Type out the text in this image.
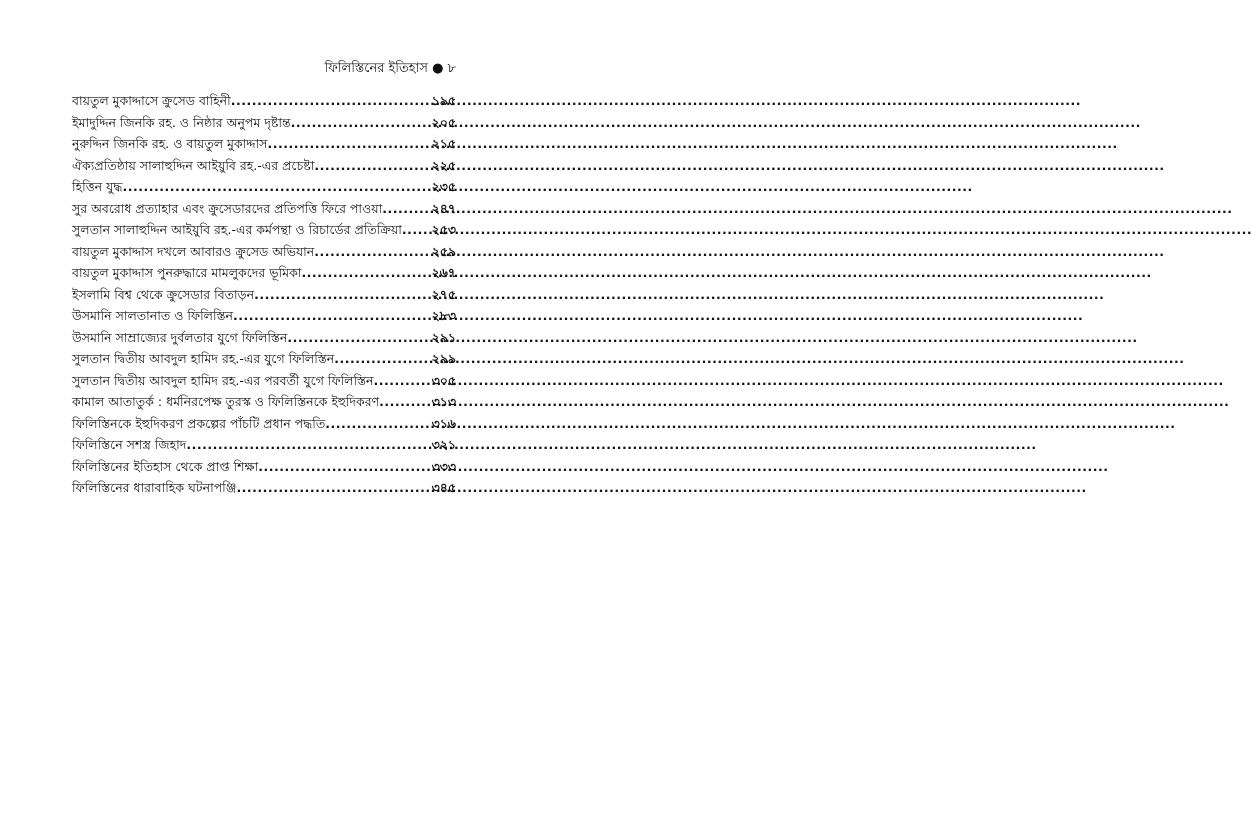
ফিলিস্তিনের ইতিহাস ● ৮
বায়তুল মুকাদ্দাসে ক্রুসেড বাহিনী .....	১৯৫
ইমাদুদ্দিন জিনকি রহ. ও নিষ্ঠার অনুপম দৃষ্টান্ত .....	২০৫
নুরুদ্দিন জিনকি রহ. ও বায়তুল মুকাদ্দাস .....	২১৫
ঐক্যপ্রতিষ্ঠায় সালাহুদ্দিন আইয়ুবি রহ.-এর প্রচেষ্টা .....	২২৫
হিত্তিন যুদ্ধ .....	২৩৫
সুর অবরোধ প্রত্যাহার এবং ক্রুসেডারদের প্রতিপত্তি ফিরে পাওয়া .....	২৪৭
সুলতান সালাহুদ্দিন আইয়ুবি রহ.-এর কর্মপন্থা ও রিচার্ডের প্রতিক্রিয়া ..... ২৫৩
বায়তুল মুকাদ্দাস দখলে আবারও ক্রুসেড অভিযান .....	২৫৯
বায়তুল মুকাদ্দাস পুনরুদ্ধারে মামলুকদের ভূমিকা .....	২৬৭
ইসলামি বিশ্ব থেকে ক্রুসেডার বিতাড়ন .....	২৭৫
উসমানি সালতানাত ও ফিলিস্তিন .....	২৮৩
উসমানি সাম্রাজ্যের দুর্বলতার যুগে ফিলিস্তিন .....	২৯১
সুলতান দ্বিতীয় আবদুল হামিদ রহ.-এর যুগে ফিলিস্তিন .....	২৯৯
সুলতান দ্বিতীয় আবদুল হামিদ রহ.-এর পরবর্তী যুগে ফিলিস্তিন .....	৩০৫
কামাল আতাতুর্ক : ধর্মনিরপেক্ষ তুরস্ক ও ফিলিস্তিনকে ইহুদিকরণ .....	৩১৩
ফিলিস্তিনকে ইহুদিকরণ প্রকল্পের পাঁচটি প্রধান পদ্ধতি .....	৩১৬
ফিলিস্তিনে সশস্ত্র জিহাদ .....	৩২১
ফিলিস্তিনের ইতিহাস থেকে প্রাপ্ত শিক্ষা .....	৩৩৩
ফিলিস্তিনের ধারাবাহিক ঘটনাপঞ্জি .....	৩৪৫
